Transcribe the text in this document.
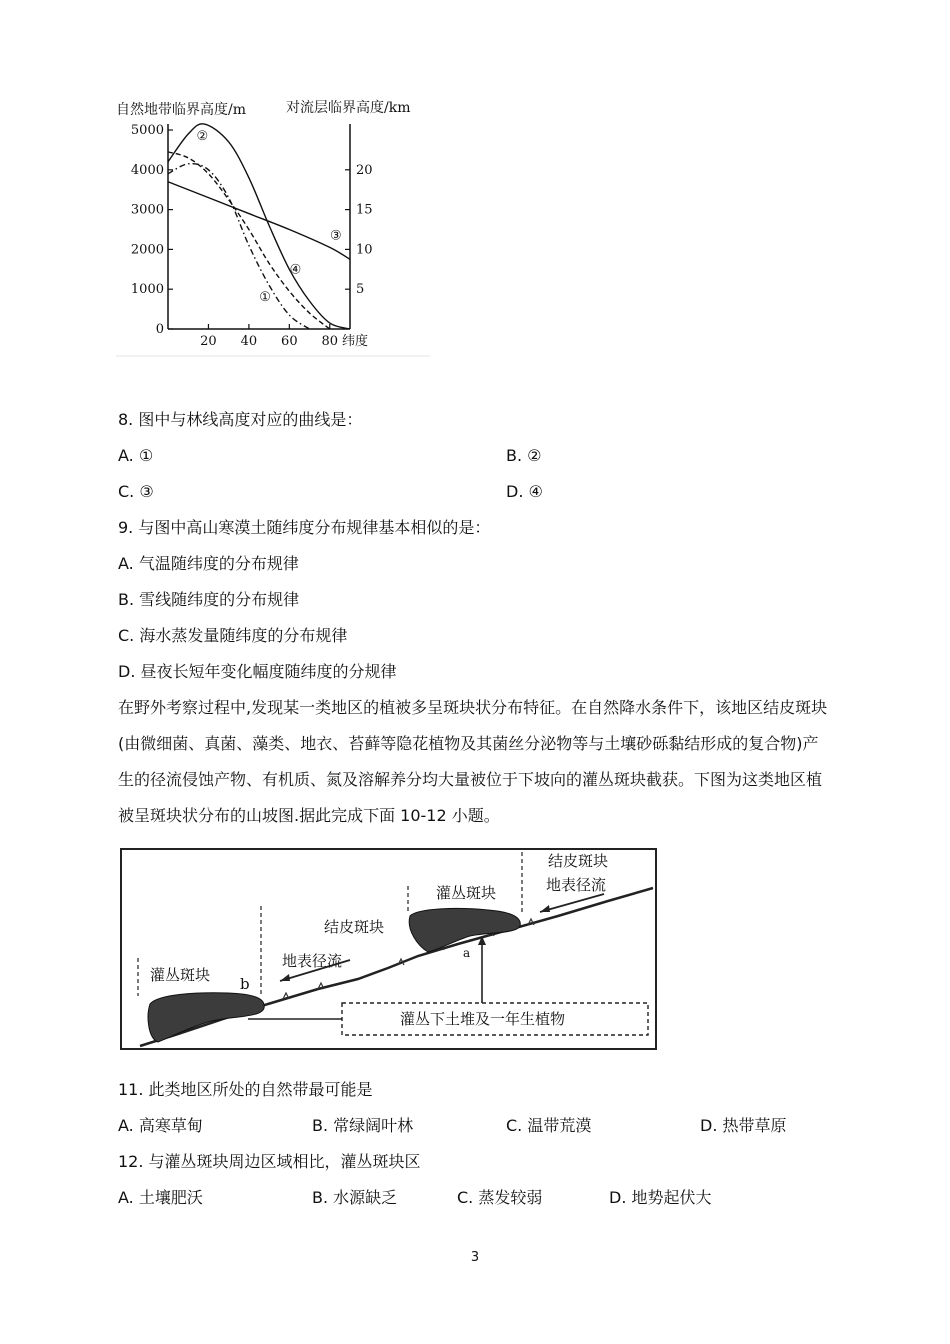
自然地带临界高度/m	对流层临界高度/km
①
②
③
④
5000
4000
3000
2000
1000
0
20
15
10
5
20 40 60 80 纬度
8. 图中与林线高度对应的曲线是：
A. ①	B. ②
C. ③	D. ④
9. 与图中高山寒漠土随纬度分布规律基本相似的是：
A. 气温随纬度的分布规律
B. 雪线随纬度的分布规律
C. 海水蒸发量随纬度的分布规律
D. 昼夜长短年变化幅度随纬度的分规律
在野外考察过程中,发现某一类地区的植被多呈斑块状分布特征。在自然降水条件下，该地区结皮斑块(由微细菌、真菌、藻类、地衣、苔藓等隐花植物及其菌丝分泌物等与土壤砂砾黏结形成的复合物)产生的径流侵蚀产物、有机质、氮及溶解养分均大量被位于下坡向的灌丛斑块截获。下图为这类地区植被呈斑块状分布的山坡图.据此完成下面 10-12 小题。
灌丛斑块 b
地表径流
结皮斑块
灌丛斑块
a
结皮斑块
地表径流
灌丛下土堆及一年生植物
11. 此类地区所处的自然带最可能是
A. 高寒草甸	B. 常绿阔叶林	C. 温带荒漠	D. 热带草原
12. 与灌丛斑块周边区域相比，灌丛斑块区
A. 土壤肥沃	B. 水源缺乏	C. 蒸发较弱	D. 地势起伏大
3
